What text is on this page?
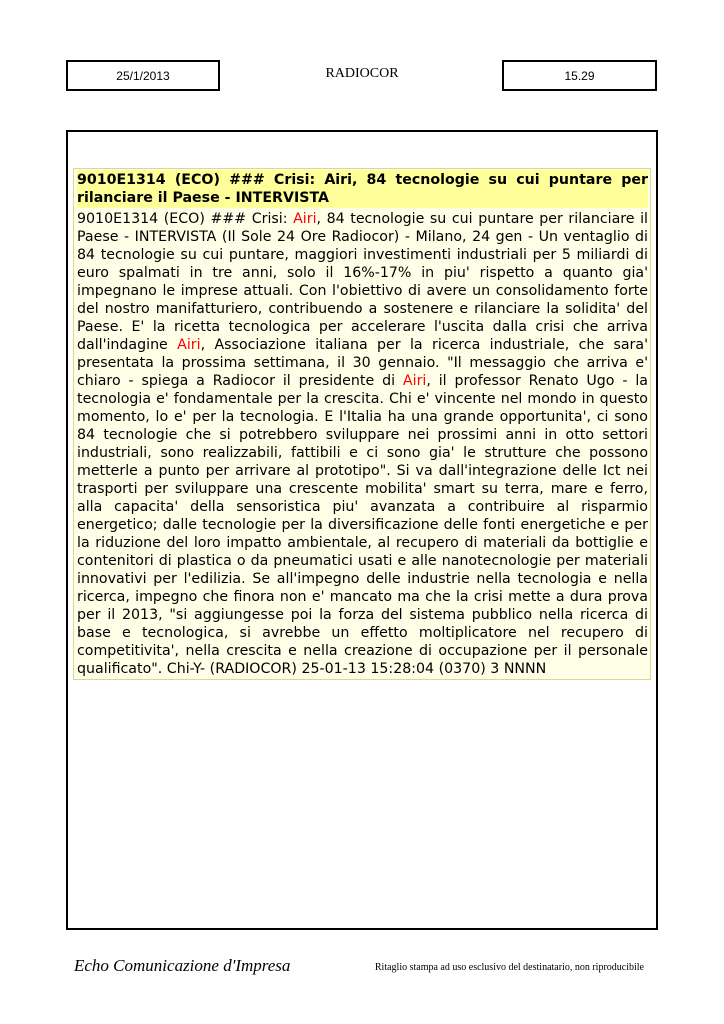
25/1/2013	RADIOCOR	15.29
9010E1314 (ECO) ### Crisi: Airi, 84 tecnologie su cui puntare per rilanciare il Paese - INTERVISTA
9010E1314 (ECO) ### Crisi: Airi, 84 tecnologie su cui puntare per rilanciare il Paese - INTERVISTA (Il Sole 24 Ore Radiocor) - Milano, 24 gen - Un ventaglio di 84 tecnologie su cui puntare, maggiori investimenti industriali per 5 miliardi di euro spalmati in tre anni, solo il 16%-17% in piu' rispetto a quanto gia' impegnano le imprese attuali. Con l'obiettivo di avere un consolidamento forte del nostro manifatturiero, contribuendo a sostenere e rilanciare la solidita' del Paese. E' la ricetta tecnologica per accelerare l'uscita dalla crisi che arriva dall'indagine Airi, Associazione italiana per la ricerca industriale, che sara' presentata la prossima settimana, il 30 gennaio. "Il messaggio che arriva e' chiaro - spiega a Radiocor il presidente di Airi, il professor Renato Ugo - la tecnologia e' fondamentale per la crescita. Chi e' vincente nel mondo in questo momento, lo e' per la tecnologia. E l'Italia ha una grande opportunita', ci sono 84 tecnologie che si potrebbero sviluppare nei prossimi anni in otto settori industriali, sono realizzabili, fattibili e ci sono gia' le strutture che possono metterle a punto per arrivare al prototipo". Si va dall'integrazione delle Ict nei trasporti per sviluppare una crescente mobilita' smart su terra, mare e ferro, alla capacita' della sensoristica piu' avanzata a contribuire al risparmio energetico; dalle tecnologie per la diversificazione delle fonti energetiche e per la riduzione del loro impatto ambientale, al recupero di materiali da bottiglie e contenitori di plastica o da pneumatici usati e alle nanotecnologie per materiali innovativi per l'edilizia. Se all'impegno delle industrie nella tecnologia e nella ricerca, impegno che finora non e' mancato ma che la crisi mette a dura prova per il 2013, "si aggiungesse poi la forza del sistema pubblico nella ricerca di base e tecnologica, si avrebbe un effetto moltiplicatore nel recupero di competitivita', nella crescita e nella creazione di occupazione per il personale qualificato". Chi-Y- (RADIOCOR) 25-01-13 15:28:04 (0370) 3 NNNN
Echo Comunicazione d'Impresa	Ritaglio stampa ad uso esclusivo del destinatario, non riproducibile
